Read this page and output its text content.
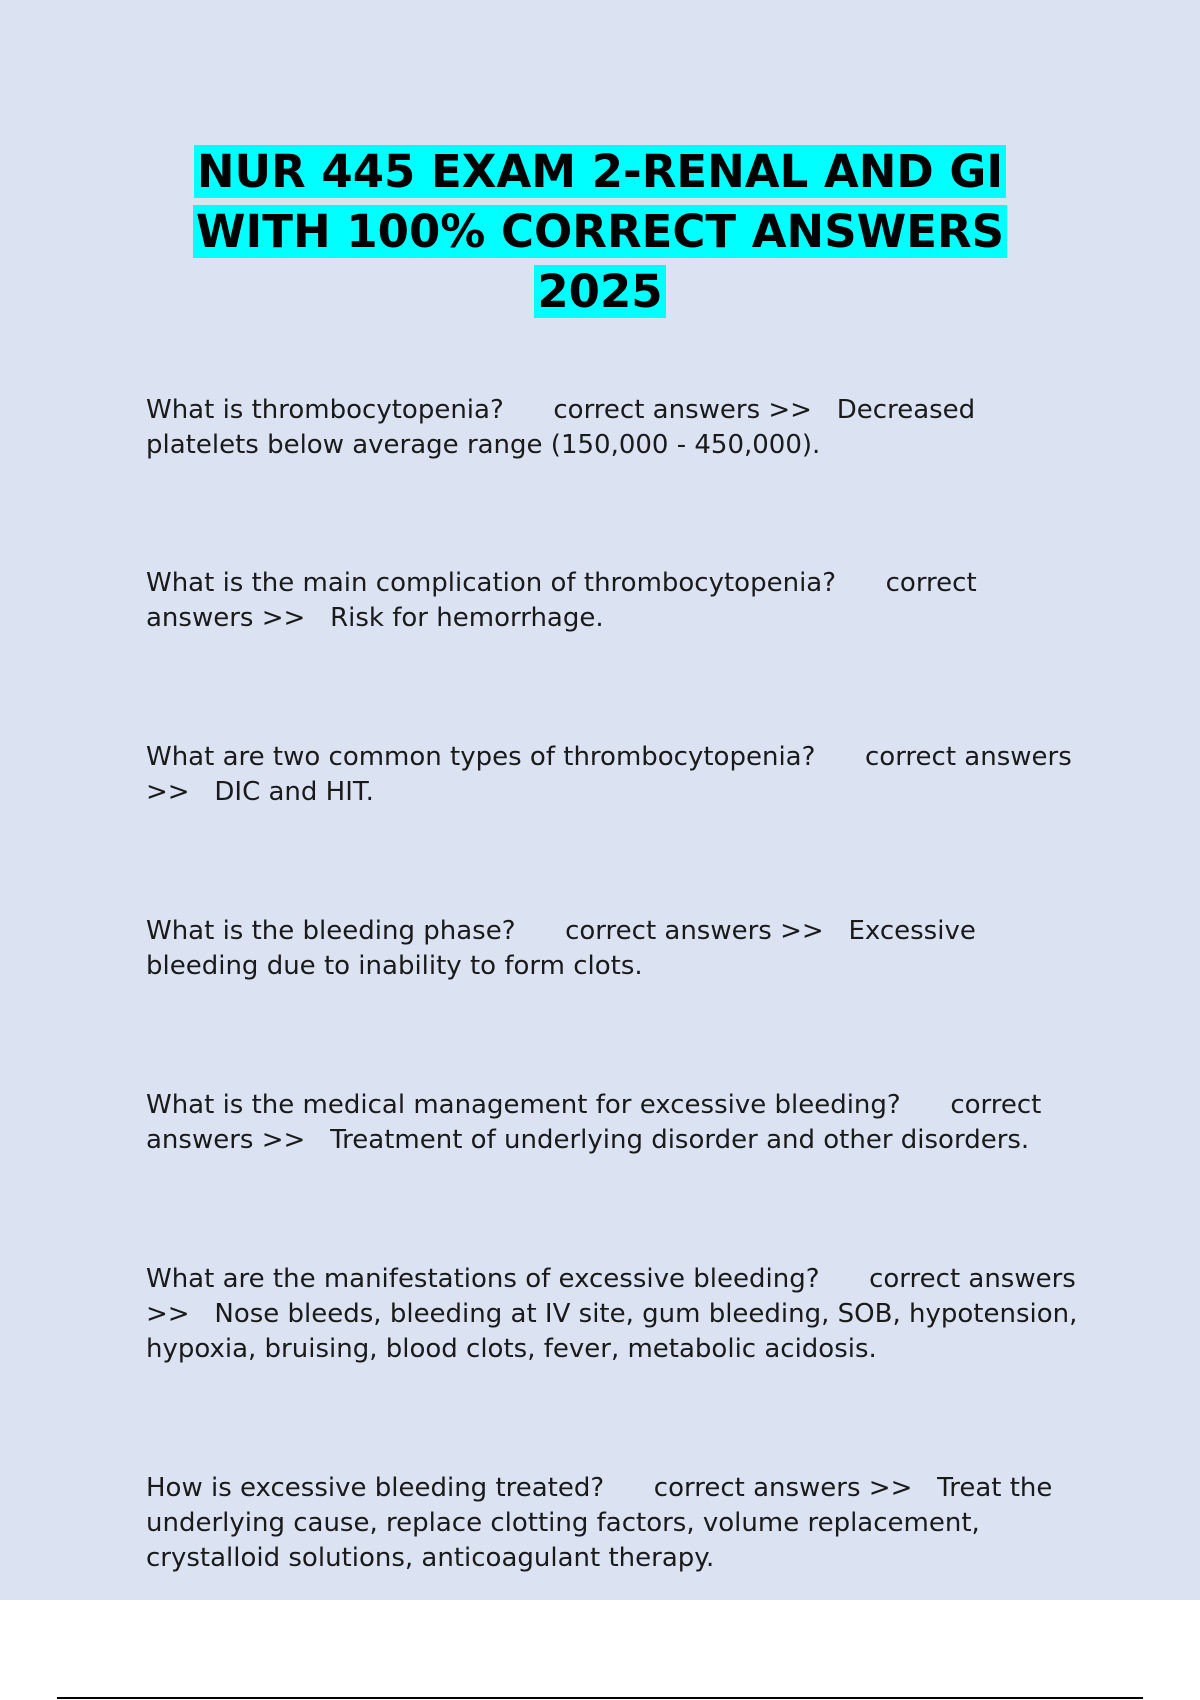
NUR 445 EXAM 2-RENAL AND GI
WITH 100% CORRECT ANSWERS
2025

What is thrombocytopenia? correct answers >> Decreased platelets below average range (150,000 - 450,000).

What is the main complication of thrombocytopenia? correct answers >> Risk for hemorrhage.

What are two common types of thrombocytopenia? correct answers >> DIC and HIT.

What is the bleeding phase? correct answers >> Excessive bleeding due to inability to form clots.

What is the medical management for excessive bleeding? correct answers >> Treatment of underlying disorder and other disorders.

What are the manifestations of excessive bleeding? correct answers >> Nose bleeds, bleeding at IV site, gum bleeding, SOB, hypotension, hypoxia, bruising, blood clots, fever, metabolic acidosis.

How is excessive bleeding treated? correct answers >> Treat the underlying cause, replace clotting factors, volume replacement, crystalloid solutions, anticoagulant therapy.
